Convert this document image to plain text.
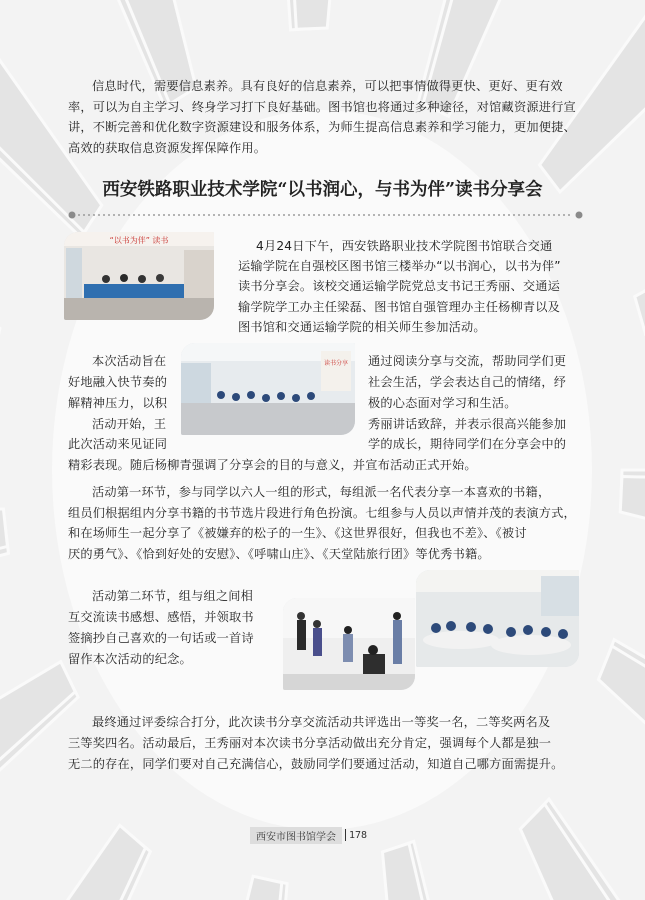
信息时代，需要信息素养。具有良好的信息素养，可以把事情做得更快、更好、更有效率，可以为自主学习、终身学习打下良好基础。图书馆也将通过多种途径，对馆藏资源进行宣讲，不断完善和优化数字资源建设和服务体系，为师生提高信息素养和学习能力，更加便捷、高效的获取信息资源发挥保障作用。

西安铁路职业技术学院“以书润心，与书为伴”读书分享会
“以书为伴” 读书	4月24日下午，西安铁路职业技术学院图书馆联合交通

运输学院在自强校区图书馆三楼举办“以书润心，以书为伴”

读书分享会。该校交通运输学院党总支书记王秀丽、交通运

输学院学工办主任梁磊、图书馆自强管理办主任杨柳青以及

图书馆和交通运输学院的相关师生参加活动。

读书分享

本次活动旨在

好地融入快节奏的

解精神压力，以积

活动开始，王

此次活动来见证同

通过阅读分享与交流，帮助同学们更

社会生活，学会表达自己的情绪，纾

极的心态面对学习和生活。

秀丽讲话致辞，并表示很高兴能参加

学的成长，期待同学们在分享会中的

精彩表现。随后杨柳青强调了分享会的目的与意义，并宣布活动正式开始。

活动第一环节，参与同学以六人一组的形式，每组派一名代表分享一本喜欢的书籍，

组员们根据组内分享书籍的书节选片段进行角色扮演。七组参与人员以声情并茂的表演方式，

和在场师生一起分享了《被嫌弃的松子的一生》、《这世界很好，但我也不差》、《被讨

厌的勇气》、《恰到好处的安慰》、《呼啸山庄》、《天堂陆旅行团》等优秀书籍。

活动第二环节，组与组之间相

互交流读书感想、感悟，并领取书

签摘抄自己喜欢的一句话或一首诗

留作本次活动的纪念。

最终通过评委综合打分，此次读书分享交流活动共评选出一等奖一名，二等奖两名及

三等奖四名。活动最后，王秀丽对本次读书分享活动做出充分肯定，强调每个人都是独一

无二的存在，同学们要对自己充满信心，鼓励同学们要通过活动，知道自己哪方面需提升。

西安市图书馆学会	178
